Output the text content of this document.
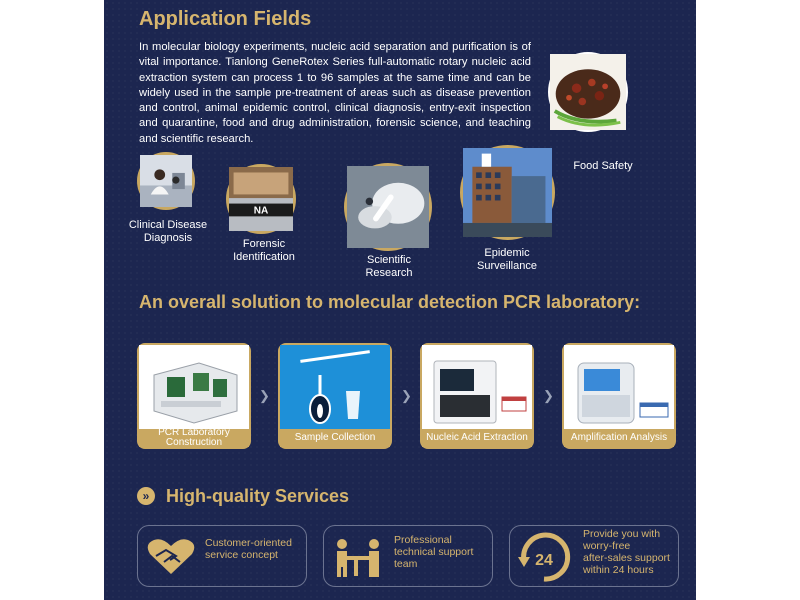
Application Fields

In molecular biology experiments, nucleic acid separation and purification is of vital importance. Tianlong GeneRotex Series full-automatic rotary nucleic acid extraction system can process 1 to 96 samples at the same time and can be widely used in the sample pre-treatment of areas such as disease prevention and control, animal epidemic control, clinical diagnosis, entry-exit inspection and quarantine, food and drug administration, forensic science, and teaching and scientific research.

Food Safety
Clinical Disease
Diagnosis
NA
Forensic
Identification	Scientific
Research
Epidemic
Surveillance
An overall solution to molecular detection PCR laboratory:
PCR Laboratory
Construction
❯
Sample Collection
❯
Nucleic Acid Extraction
❯
Amplification Analysis
» High-quality Services
Customer-oriented
service concept
Professional
technical support
team	24
Provide you with
worry-free
after-sales support
within 24 hours
